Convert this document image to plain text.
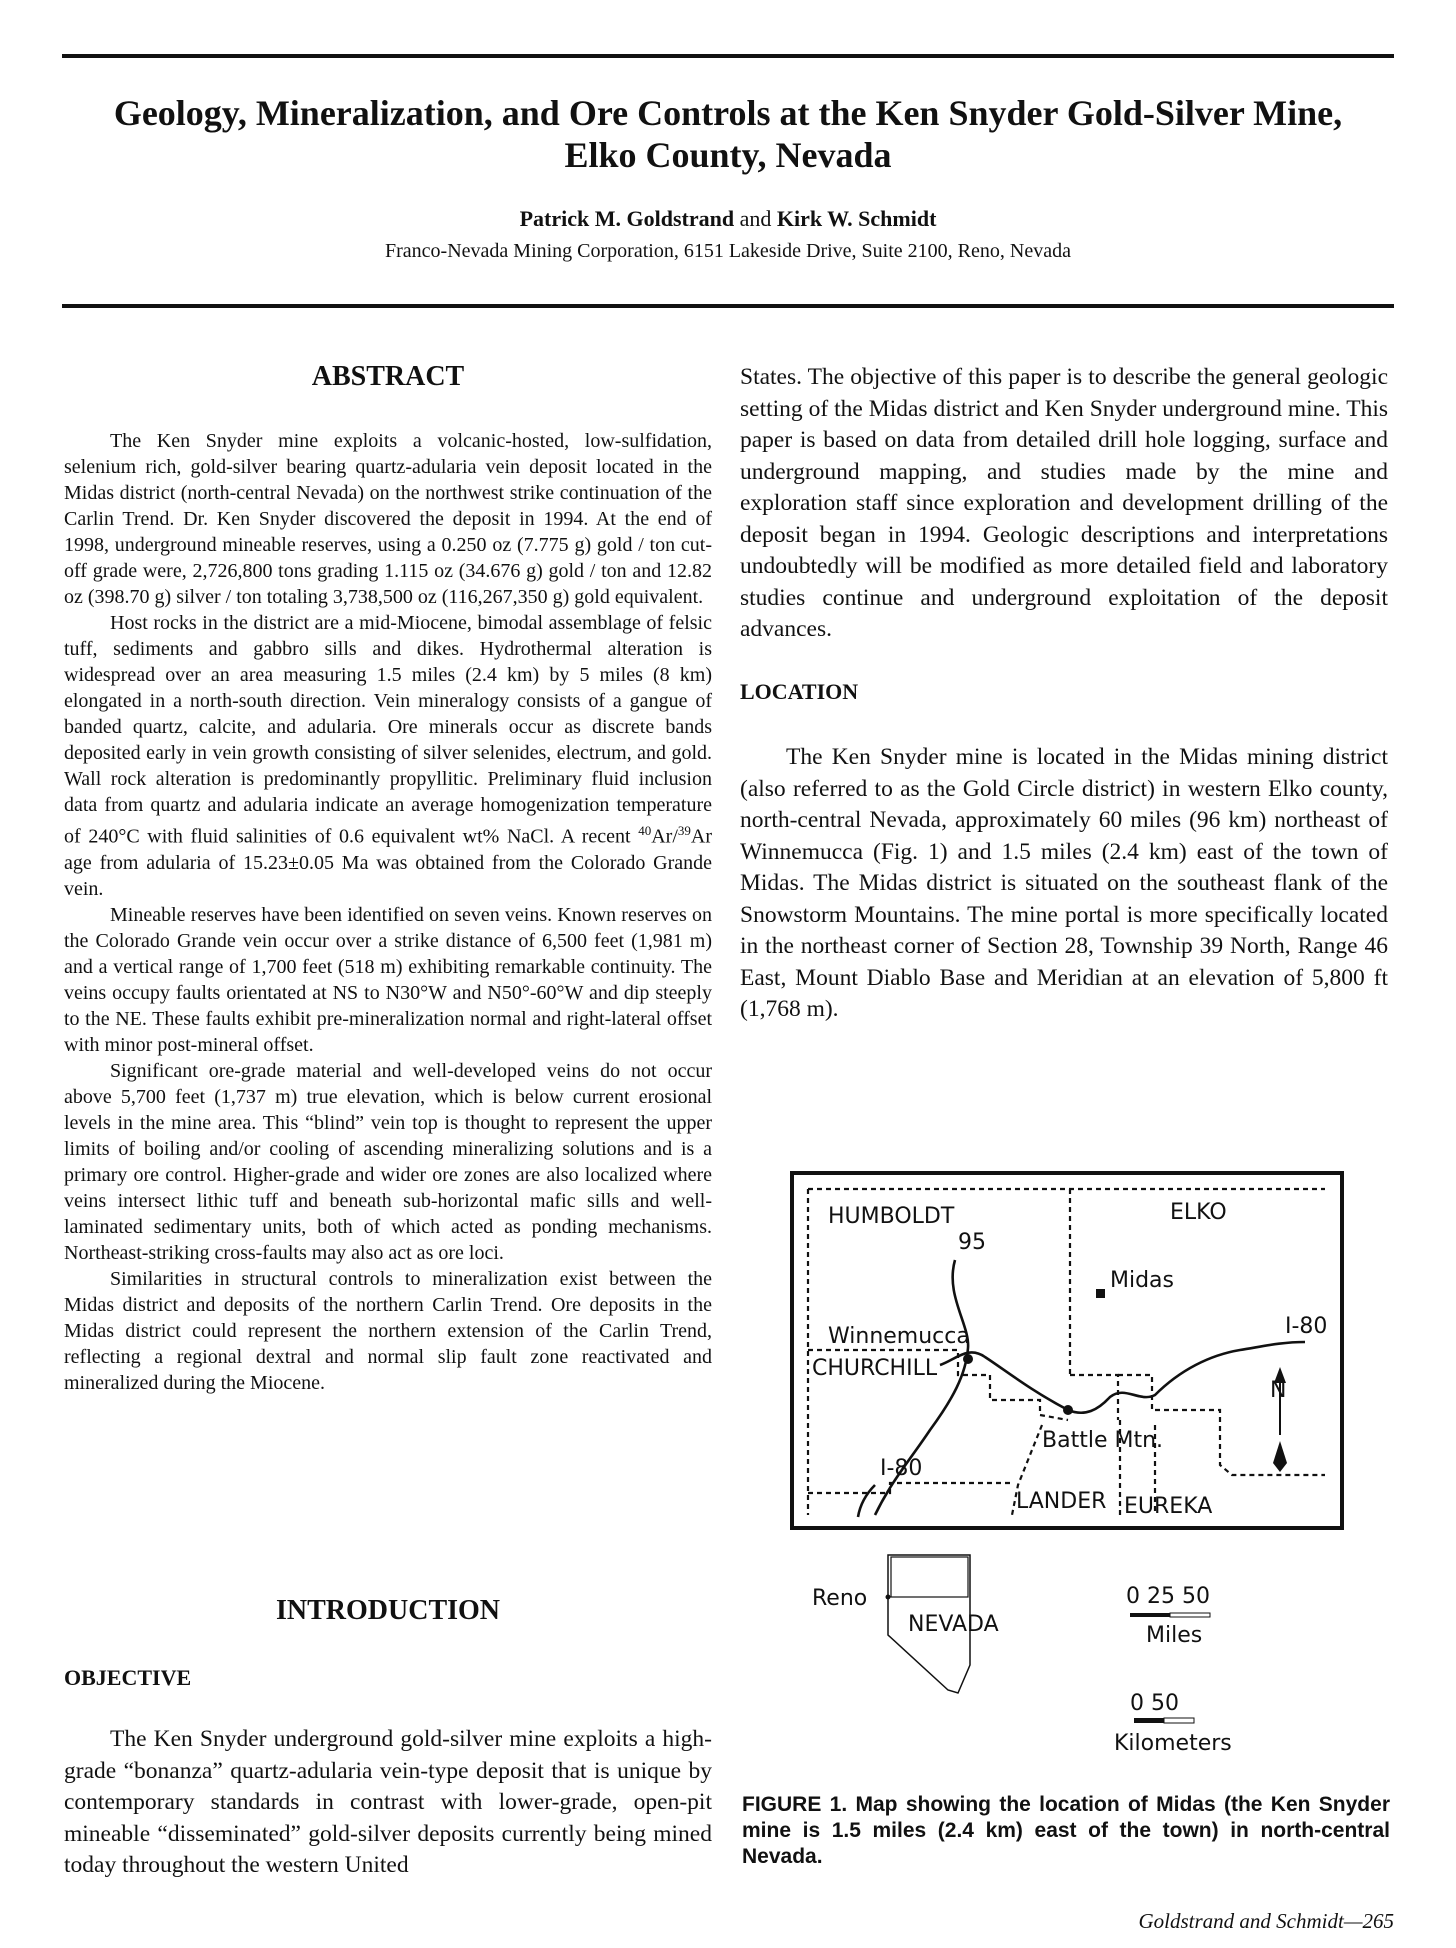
Geology, Mineralization, and Ore Controls at the Ken Snyder Gold-Silver Mine,
Elko County, Nevada
Patrick M. Goldstrand and Kirk W. Schmidt
Franco-Nevada Mining Corporation, 6151 Lakeside Drive, Suite 2100, Reno, Nevada
ABSTRACT

The Ken Snyder mine exploits a volcanic-hosted, low-sulfidation, selenium rich, gold-silver bearing quartz-adularia vein deposit located in the Midas district (north-central Nevada) on the northwest strike continuation of the Carlin Trend. Dr. Ken Snyder discovered the deposit in 1994. At the end of 1998, underground mineable reserves, using a 0.250 oz (7.775 g) gold / ton cut-off grade were, 2,726,800 tons grading 1.115 oz (34.676 g) gold / ton and 12.82 oz (398.70 g) silver / ton totaling 3,738,500 oz (116,267,350 g) gold equivalent.

Host rocks in the district are a mid-Miocene, bimodal assemblage of felsic tuff, sediments and gabbro sills and dikes. Hydrothermal alteration is widespread over an area measuring 1.5 miles (2.4 km) by 5 miles (8 km) elongated in a north-south direction. Vein mineralogy consists of a gangue of banded quartz, calcite, and adularia. Ore minerals occur as discrete bands deposited early in vein growth consisting of silver selenides, electrum, and gold. Wall rock alteration is predominantly propyllitic. Preliminary fluid inclusion data from quartz and adularia indicate an average homogenization temperature of 240°C with fluid salinities of 0.6 equivalent wt% NaCl. A recent $^{40}$Ar/$^{39}$Ar age from adularia of 15.23±0.05 Ma was obtained from the Colorado Grande vein.

Mineable reserves have been identified on seven veins. Known reserves on the Colorado Grande vein occur over a strike distance of 6,500 feet (1,981 m) and a vertical range of 1,700 feet (518 m) exhibiting remarkable continuity. The veins occupy faults orientated at NS to N30°W and N50°-60°W and dip steeply to the NE. These faults exhibit pre-mineralization normal and right-lateral offset with minor post-mineral offset.

Significant ore-grade material and well-developed veins do not occur above 5,700 feet (1,737 m) true elevation, which is below current erosional levels in the mine area. This “blind” vein top is thought to represent the upper limits of boiling and/or cooling of ascending mineralizing solutions and is a primary ore control. Higher-grade and wider ore zones are also localized where veins intersect lithic tuff and beneath sub-horizontal mafic sills and well-laminated sedimentary units, both of which acted as ponding mechanisms. Northeast-striking cross-faults may also act as ore loci.

Similarities in structural controls to mineralization exist between the Midas district and deposits of the northern Carlin Trend. Ore deposits in the Midas district could represent the northern extension of the Carlin Trend, reflecting a regional dextral and normal slip fault zone reactivated and mineralized during the Miocene.

INTRODUCTION
OBJECTIVE

The Ken Snyder underground gold-silver mine exploits a high-grade “bonanza” quartz-adularia vein-type deposit that is unique by contemporary standards in contrast with lower-grade, open-pit mineable “disseminated” gold-silver deposits currently being mined today throughout the western United

States. The objective of this paper is to describe the general geologic setting of the Midas district and Ken Snyder underground mine. This paper is based on data from detailed drill hole logging, surface and underground mapping, and studies made by the mine and exploration staff since exploration and development drilling of the deposit began in 1994. Geologic descriptions and interpretations undoubtedly will be modified as more detailed field and laboratory studies continue and underground exploitation of the deposit advances.

LOCATION

The Ken Snyder mine is located in the Midas mining district (also referred to as the Gold Circle district) in western Elko county, north-central Nevada, approximately 60 miles (96 km) northeast of Winnemucca (Fig. 1) and 1.5 miles (2.4 km) east of the town of Midas. The Midas district is situated on the southeast flank of the Snowstorm Mountains. The mine portal is more specifically located in the northeast corner of Section 28, Township 39 North, Range 46 East, Mount Diablo Base and Meridian at an elevation of 5,800 ft (1,768 m).

HUMBOLDT	ELKO
95
Midas
I-80
Winnemucca
CHURCHILL
N
Battle Mtn.
I-80
LANDER EUREKA
Reno
NEVADA
0 25 50
Miles
0 50
Kilometers

FIGURE 1. Map showing the location of Midas (the Ken Snyder mine is 1.5 miles (2.4 km) east of the town) in north-central Nevada.

Goldstrand and Schmidt—265
